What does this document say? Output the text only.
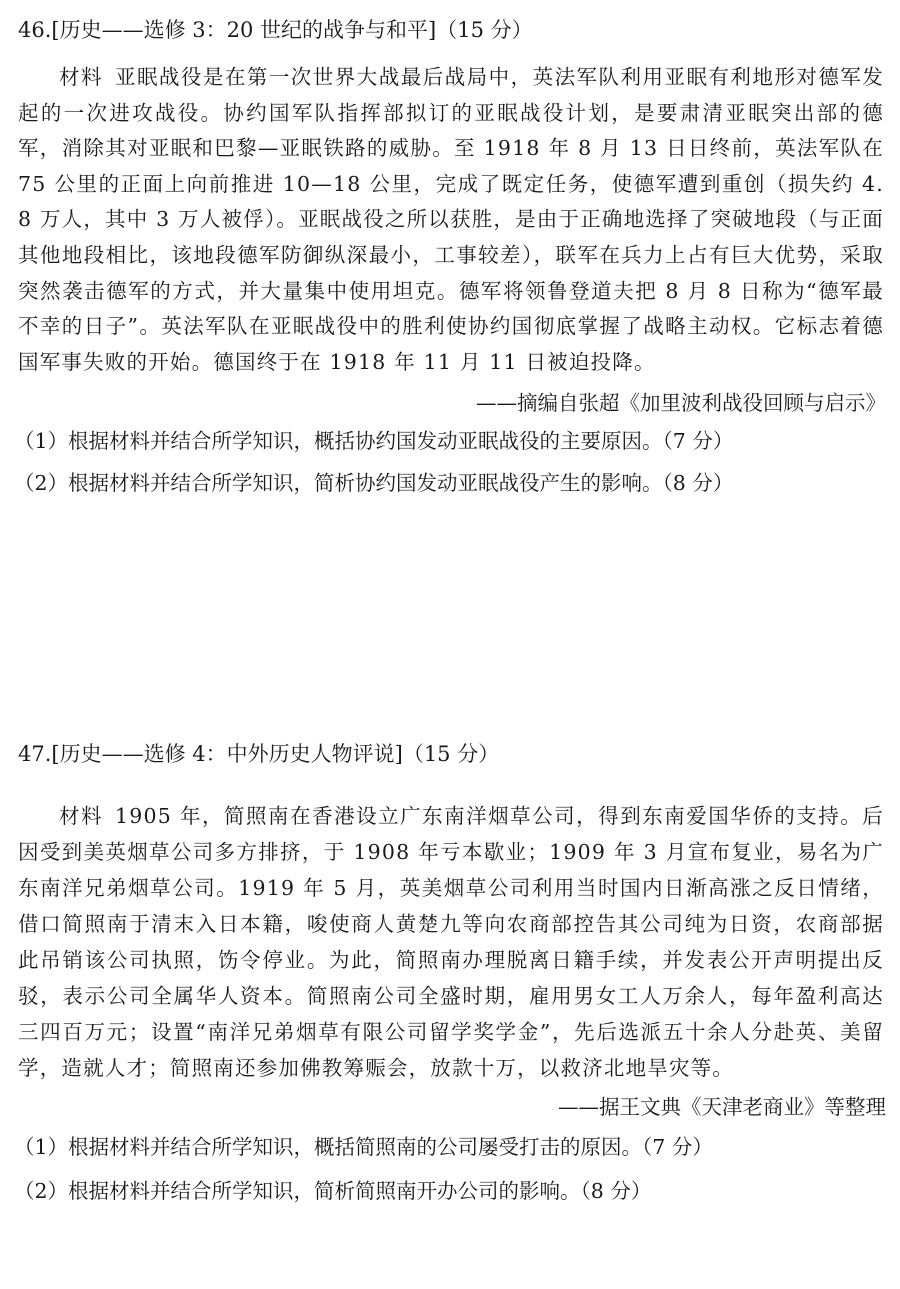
46.[历史——选修 3：20 世纪的战争与和平]（15 分）
材料 亚眠战役是在第一次世界大战最后战局中，英法军队利用亚眠有利地形对德军发起的一次进攻战役。协约国军队指挥部拟订的亚眠战役计划，是要肃清亚眠突出部的德军，消除其对亚眠和巴黎—亚眠铁路的威胁。至 1918 年 8 月 13 日日终前，英法军队在 75 公里的正面上向前推进 10—18 公里，完成了既定任务，使德军遭到重创（损失约 4.8 万人，其中 3 万人被俘）。亚眠战役之所以获胜，是由于正确地选择了突破地段（与正面其他地段相比，该地段德军防御纵深最小，工事较差），联军在兵力上占有巨大优势，采取突然袭击德军的方式，并大量集中使用坦克。德军将领鲁登道夫把 8 月 8 日称为“德军最不幸的日子”。英法军队在亚眠战役中的胜利使协约国彻底掌握了战略主动权。它标志着德国军事失败的开始。德国终于在 1918 年 11 月 11 日被迫投降。
——摘编自张超《加里波利战役回顾与启示》
（1）根据材料并结合所学知识，概括协约国发动亚眠战役的主要原因。（7 分）
（2）根据材料并结合所学知识，简析协约国发动亚眠战役产生的影响。（8 分）
47.[历史——选修 4：中外历史人物评说]（15 分）
材料 1905 年，简照南在香港设立广东南洋烟草公司，得到东南爱国华侨的支持。后因受到美英烟草公司多方排挤，于 1908 年亏本歇业；1909 年 3 月宣布复业，易名为广东南洋兄弟烟草公司。1919 年 5 月，英美烟草公司利用当时国内日渐高涨之反日情绪，借口简照南于清末入日本籍，唆使商人黄楚九等向农商部控告其公司纯为日资，农商部据此吊销该公司执照，饬令停业。为此，简照南办理脱离日籍手续，并发表公开声明提出反驳，表示公司全属华人资本。简照南公司全盛时期，雇用男女工人万余人，每年盈利高达三四百万元；设置“南洋兄弟烟草有限公司留学奖学金”，先后选派五十余人分赴英、美留学，造就人才；简照南还参加佛教筹赈会，放款十万，以救济北地旱灾等。
——据王文典《天津老商业》等整理
（1）根据材料并结合所学知识，概括简照南的公司屡受打击的原因。（7 分）
（2）根据材料并结合所学知识，简析简照南开办公司的影响。（8 分）
